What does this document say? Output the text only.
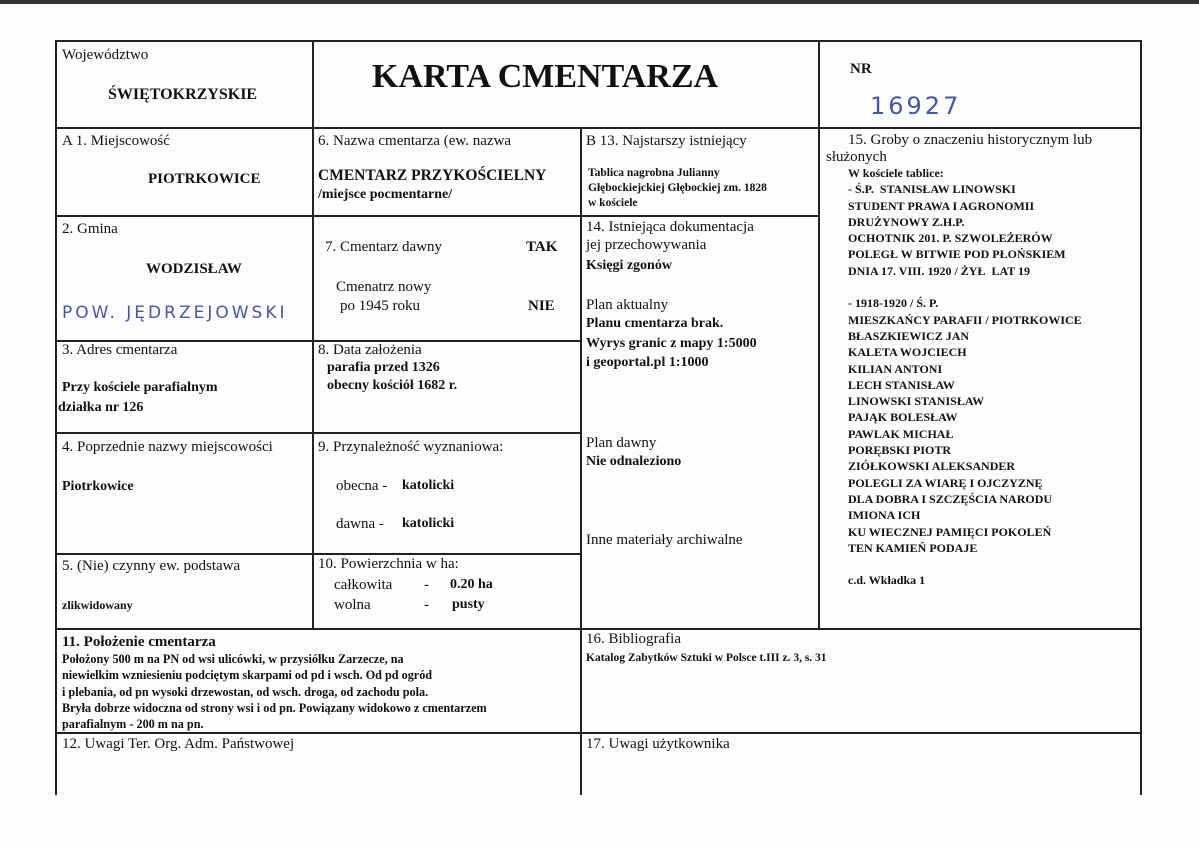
Województwo
ŚWIĘTOKRZYSKIE	KARTA CMENTARZA	NR
16927
A 1. Miejscowość
PIOTRKOWICE
6. Nazwa cmentarza (ew. nazwa
CMENTARZ PRZYKOŚCIELNY
/miejsce pocmentarne/
B 13. Najstarszy istniejący
Tablica nagrobna Julianny
Głębockiejckiej Głębockiej zm. 1828
w kościele
15. Groby o znaczeniu historycznym lub
służonych
W kościele tablice:
- Ś.P.  STANISŁAW LINOWSKI
STUDENT PRAWA I AGRONOMII
DRUŻYNOWY Z.H.P.
OCHOTNIK 201. P. SZWOLEŻERÓW
POLEGŁ W BITWIE POD PŁOŃSKIEM
DNIA 17. VIII. 1920 / ŻYŁ  LAT 19

- 1918-1920 / Ś. P.
MIESZKAŃCY PARAFII / PIOTRKOWICE
BŁASZKIEWICZ JAN
KALETA WOJCIECH
KILIAN ANTONI
LECH STANISŁAW
LINOWSKI STANISŁAW
PAJĄK BOLESŁAW
PAWLAK MICHAŁ
PORĘBSKI PIOTR
ZIÓŁKOWSKI ALEKSANDER
POLEGLI ZA WIARĘ I OJCZYZNĘ
DLA DOBRA I SZCZĘŚCIA NARODU
IMIONA ICH
KU WIECZNEJ PAMIĘCI POKOLEŃ
TEN KAMIEŃ PODAJE

c.d. Wkładka 1
2. Gmina
WODZISŁAW
POW. JĘDRZEJOWSKI
7. Cmentarz dawny	TAK
Cmenatrz nowy
po 1945 roku	NIE
14. Istniejąca dokumentacja
jej przechowywania
Księgi zgonów
Plan aktualny
Planu cmentarza brak.
Wyrys granic z mapy 1:5000
i geoportal.pl 1:1000
Plan dawny
Nie odnaleziono
Inne materiały archiwalne
3. Adres cmentarza
Przy kościele parafialnym
działka nr 126
8. Data założenia
parafia przed 1326
obecny kościół 1682 r.
4. Poprzednie nazwy miejscowości
Piotrkowice
9. Przynależność wyznaniowa:
obecna - katolicki
dawna - katolicki
5. (Nie) czynny ew. podstawa
zlikwidowany
10. Powierzchnia w ha:
całkowita - 0.20 ha
wolna	- pusty
11. Położenie cmentarza
Położony 500 m na PN od wsi ulicówki, w przysiółku Zarzecze, na
niewielkim wzniesieniu podciętym skarpami od pd i wsch. Od pd ogród
i plebania, od pn wysoki drzewostan, od wsch. droga, od zachodu pola.
Bryła dobrze widoczna od strony wsi i od pn. Powiązany widokowo z cmentarzem
parafialnym - 200 m na pn.
16. Bibliografia
Katalog Zabytków Sztuki w Polsce t.III z. 3, s. 31
12. Uwagi Ter. Org. Adm. Państwowej	17. Uwagi użytkownika
